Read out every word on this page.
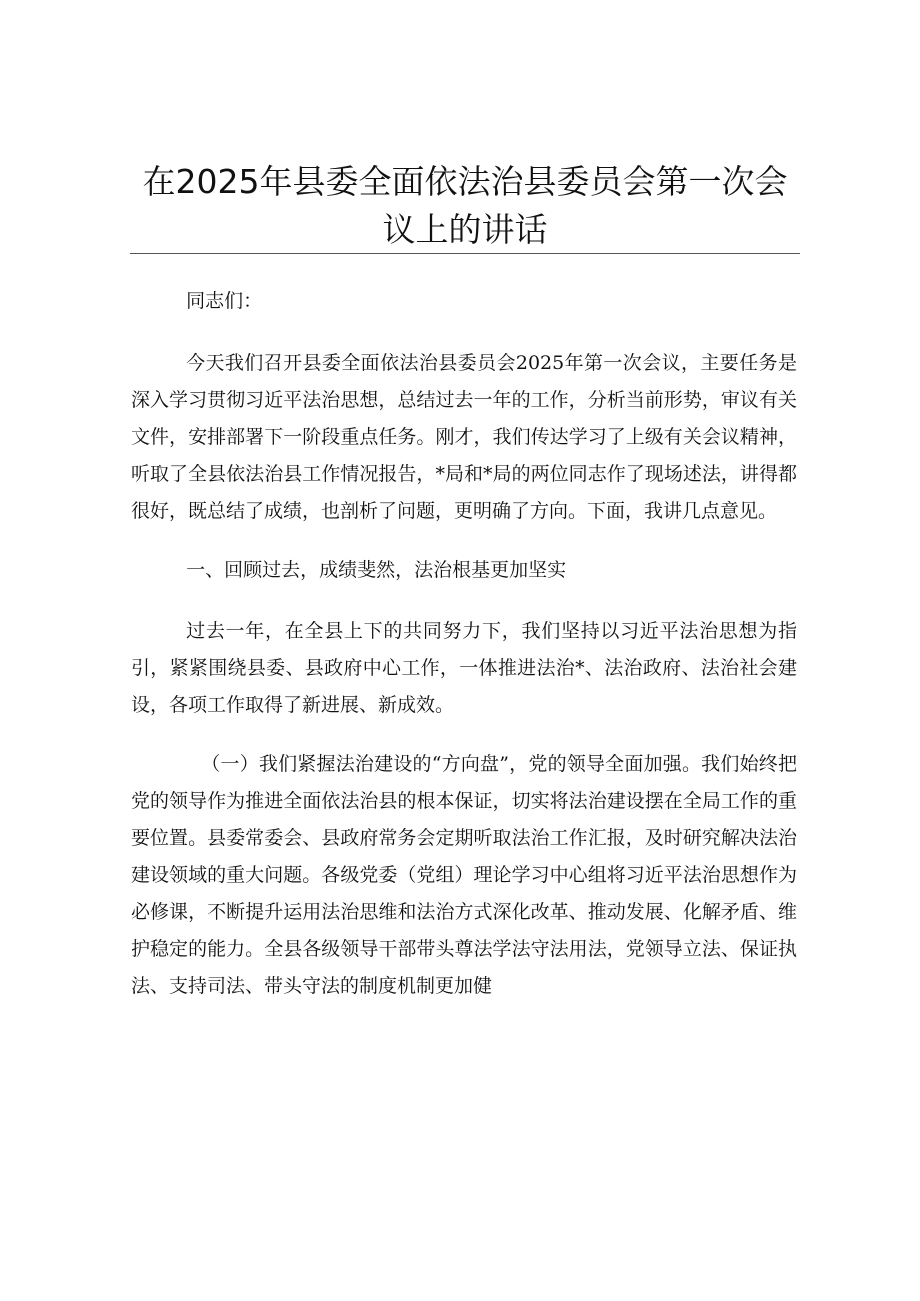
在2025年县委全面依法治县委员会第一次会
议上的讲话

同志们：

今天我们召开县委全面依法治县委员会2025年第一次会议，主要任务是深入学习贯彻习近平法治思想，总结过去一年的工作，分析当前形势，审议有关文件，安排部署下一阶段重点任务。刚才，我们传达学习了上级有关会议精神，听取了全县依法治县工作情况报告，*局和*局的两位同志作了现场述法，讲得都很好，既总结了成绩，也剖析了问题，更明确了方向。下面，我讲几点意见。

一、回顾过去，成绩斐然，法治根基更加坚实

过去一年，在全县上下的共同努力下，我们坚持以习近平法治思想为指引，紧紧围绕县委、县政府中心工作，一体推进法治*、法治政府、法治社会建设，各项工作取得了新进展、新成效。

（一）我们紧握法治建设的“方向盘”，党的领导全面加强。我们始终把党的领导作为推进全面依法治县的根本保证，切实将法治建设摆在全局工作的重要位置。县委常委会、县政府常务会定期听取法治工作汇报，及时研究解决法治建设领域的重大问题。各级党委（党组）理论学习中心组将习近平法治思想作为必修课，不断提升运用法治思维和法治方式深化改革、推动发展、化解矛盾、维护稳定的能力。全县各级领导干部带头尊法学法守法用法，党领导立法、保证执法、支持司法、带头守法的制度机制更加健
